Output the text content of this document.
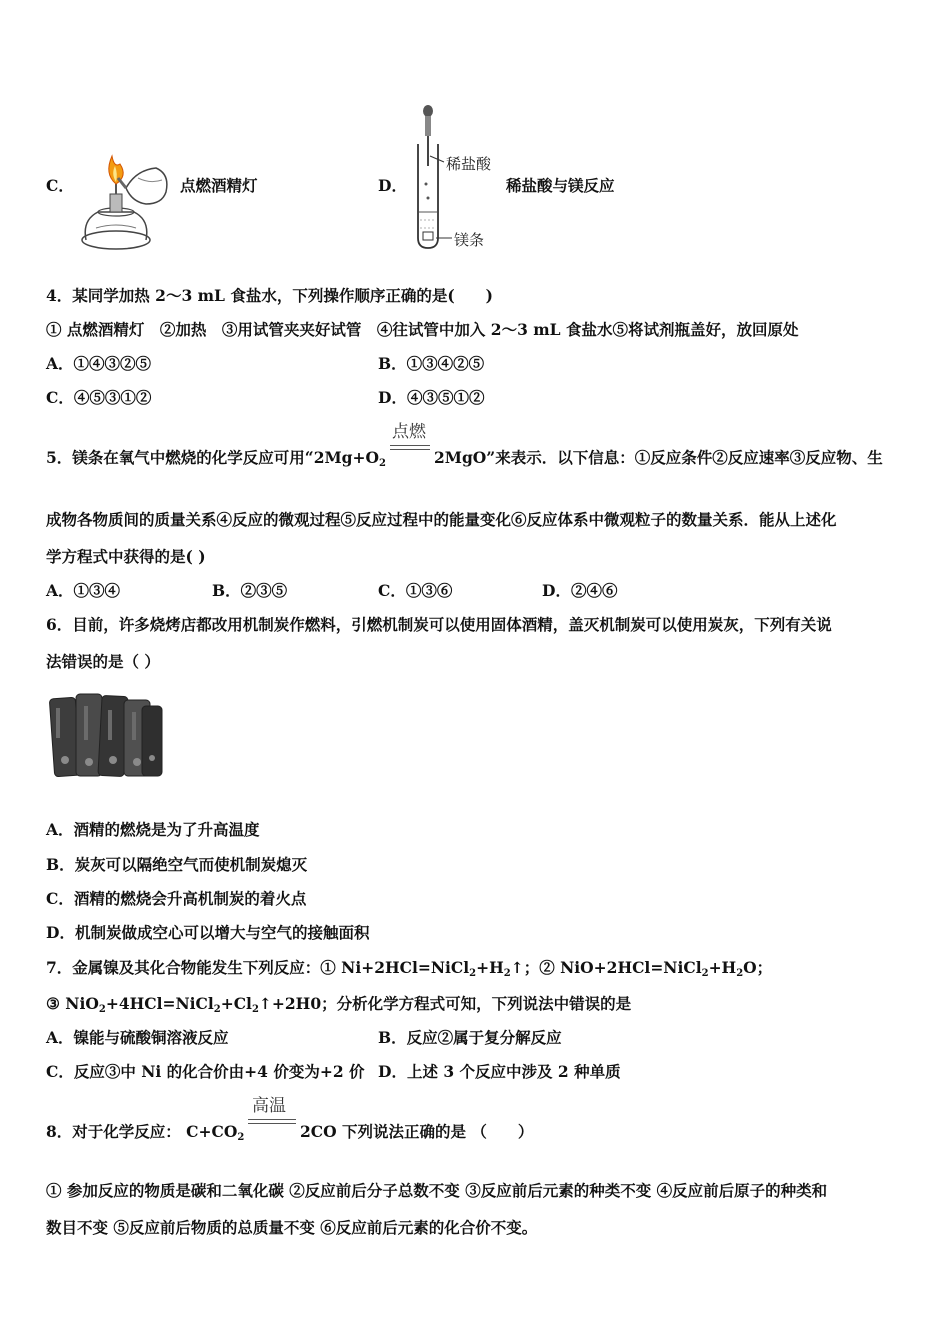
C．	点燃酒精灯	D．
稀盐酸
镁条
稀盐酸与镁反应
4．某同学加热 2～3 mL 食盐水，下列操作顺序正确的是(　　)
① 点燃酒精灯　②加热　③用试管夹夹好试管　④往试管中加入 2～3 mL 食盐水⑤将试剂瓶盖好，放回原处
A．①④③②⑤	B．①③④②⑤
C．④⑤③①②	D．④③⑤①②
5．镁条在氧气中燃烧的化学反应可用“$2Mg+O_2$
点燃
2MgO”来表示．以下信息：①反应条件②反应速率③反应物、生
成物各物质间的质量关系④反应的微观过程⑤反应过程中的能量变化⑥反应体系中微观粒子的数量关系．能从上述化
学方程式中获得的是( )
A．①③④	B．②③⑤	C．①③⑥	D．②④⑥
6．目前，许多烧烤店都改用机制炭作燃料，引燃机制炭可以使用固体酒精，盖灭机制炭可以使用炭灰，下列有关说
法错误的是（ ）
A．酒精的燃烧是为了升高温度
B．炭灰可以隔绝空气而使机制炭熄灭
C．酒精的燃烧会升高机制炭的着火点
D．机制炭做成空心可以增大与空气的接触面积
7．金属镍及其化合物能发生下列反应：① $Ni+2HCl=NiCl_2+H_2↑$；② $NiO+2HCl=NiCl_2+H_2O$；
③ $NiO_2+4HCl=NiCl_2+Cl_2↑+2H0$；分析化学方程式可知，下列说法中错误的是
A．镍能与硫酸铜溶液反应	B．反应②属于复分解反应
C．反应③中 Ni 的化合价由+4 价变为+2 价 D．上述 3 个反应中涉及 2 种单质
8．对于化学反应： $C+CO_2$
高温
2CO 下列说法正确的是 （　　）
① 参加反应的物质是碳和二氧化碳 ②反应前后分子总数不变 ③反应前后元素的种类不变 ④反应前后原子的种类和
数目不变 ⑤反应前后物质的总质量不变 ⑥反应前后元素的化合价不变。
